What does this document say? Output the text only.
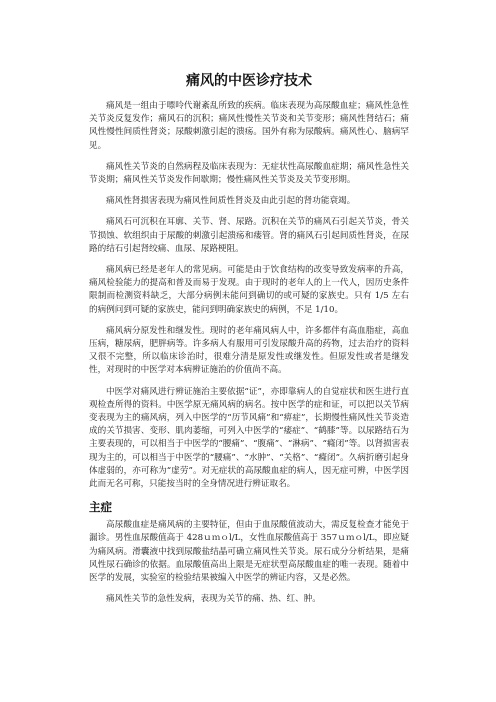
痛风的中医诊疗技术

痛风是一组由于嘌呤代谢紊乱所致的疾病。临床表现为高尿酸血症；痛风性急性关节炎反复发作；痛风石的沉积；痛风性慢性关节炎和关节变形；痛风性肾结石；痛风性慢性间质性肾炎；尿酸刺激引起的溃疡。国外有称为尿酸病。痛风性心、脑病罕见。

痛风性关节炎的自然病程及临床表现为：无症状性高尿酸血症期；痛风性急性关节炎期；痛风性关节炎发作间歇期；慢性痛风性关节炎及关节变形期。

痛风性肾损害表现为痛风性间质性肾炎及由此引起的肾功能衰竭。

痛风石可沉积在耳廓、关节、肾、尿路。沉积在关节的痛风石引起关节炎，骨关节损蚀、软组织由于尿酸的刺激引起溃疡和瘘管。肾的痛风石引起间质性肾炎，在尿路的结石引起肾绞痛、血尿、尿路梗阻。

痛风病已经是老年人的常见病。可能是由于饮食结构的改变导致发病率的升高，痛风检验能力的提高和普及而易于发现。由于现时的老年人的上一代人，因历史条件限制而检测资料缺乏，大部分病例未能问到确切的或可疑的家族史。只有 1/5 左右的病例问到可疑的家族史，能问到明确家族史的病例，不足 1/10。

痛风病分原发性和继发性。现时的老年痛风病人中，许多都伴有高血脂症，高血压病，糖尿病，肥胖病等。许多病人有服用可引发尿酸升高的药物，过去治疗的资料又很不完整，所以临床诊治时，很难分清是原发性或继发性。但原发性或者是继发性，对现时的中医学对本病辨证施治的价值尚不高。

中医学对痛风进行辨证施治主要依据“证”，亦即靠病人的自觉症状和医生进行直观检查所得的资料。中医学原无痛风病的病名。按中医学的症和证，可以把以关节病变表现为主的痛风病，列入中医学的“历节风痛”和“痹症”，长期慢性痛风性关节炎造成的关节损害、变形、肌肉萎缩，可列入中医学的“痿症”、“鹤膝”等。以尿路结石为主要表现的，可以相当于中医学的“腰痛”、“腹痛”、“淋病”、“癃闭”等。以肾损害表现为主的，可以相当于中医学的“腰痛”、“水肿”、“关格”、“癃闭”。久病折磨引起身体虚弱的，亦可称为“虚劳”。对无症状的高尿酸血症的病人，因无症可辨，中医学因此而无名可称，只能按当时的全身情况进行辨证取名。

主症

高尿酸血症是痛风病的主要特征，但由于血尿酸值波动大，需反复检查才能免于漏诊。男性血尿酸值高于 428ｕｍｏl/L，女性血尿酸值高于 357ｕｍｏl/L，即应疑为痛风病。滑囊液中找到尿酸盐结晶可确立痛风性关节炎。尿石成分分析结果，是痛风性尿石确诊的依据。血尿酸值高出上限是无症状型高尿酸血症的唯一表现。随着中医学的发展，实验室的检验结果被编入中医学的辨证内容，又是必然。

痛风性关节的急性发病，表现为关节的痛、热、红、肿。
